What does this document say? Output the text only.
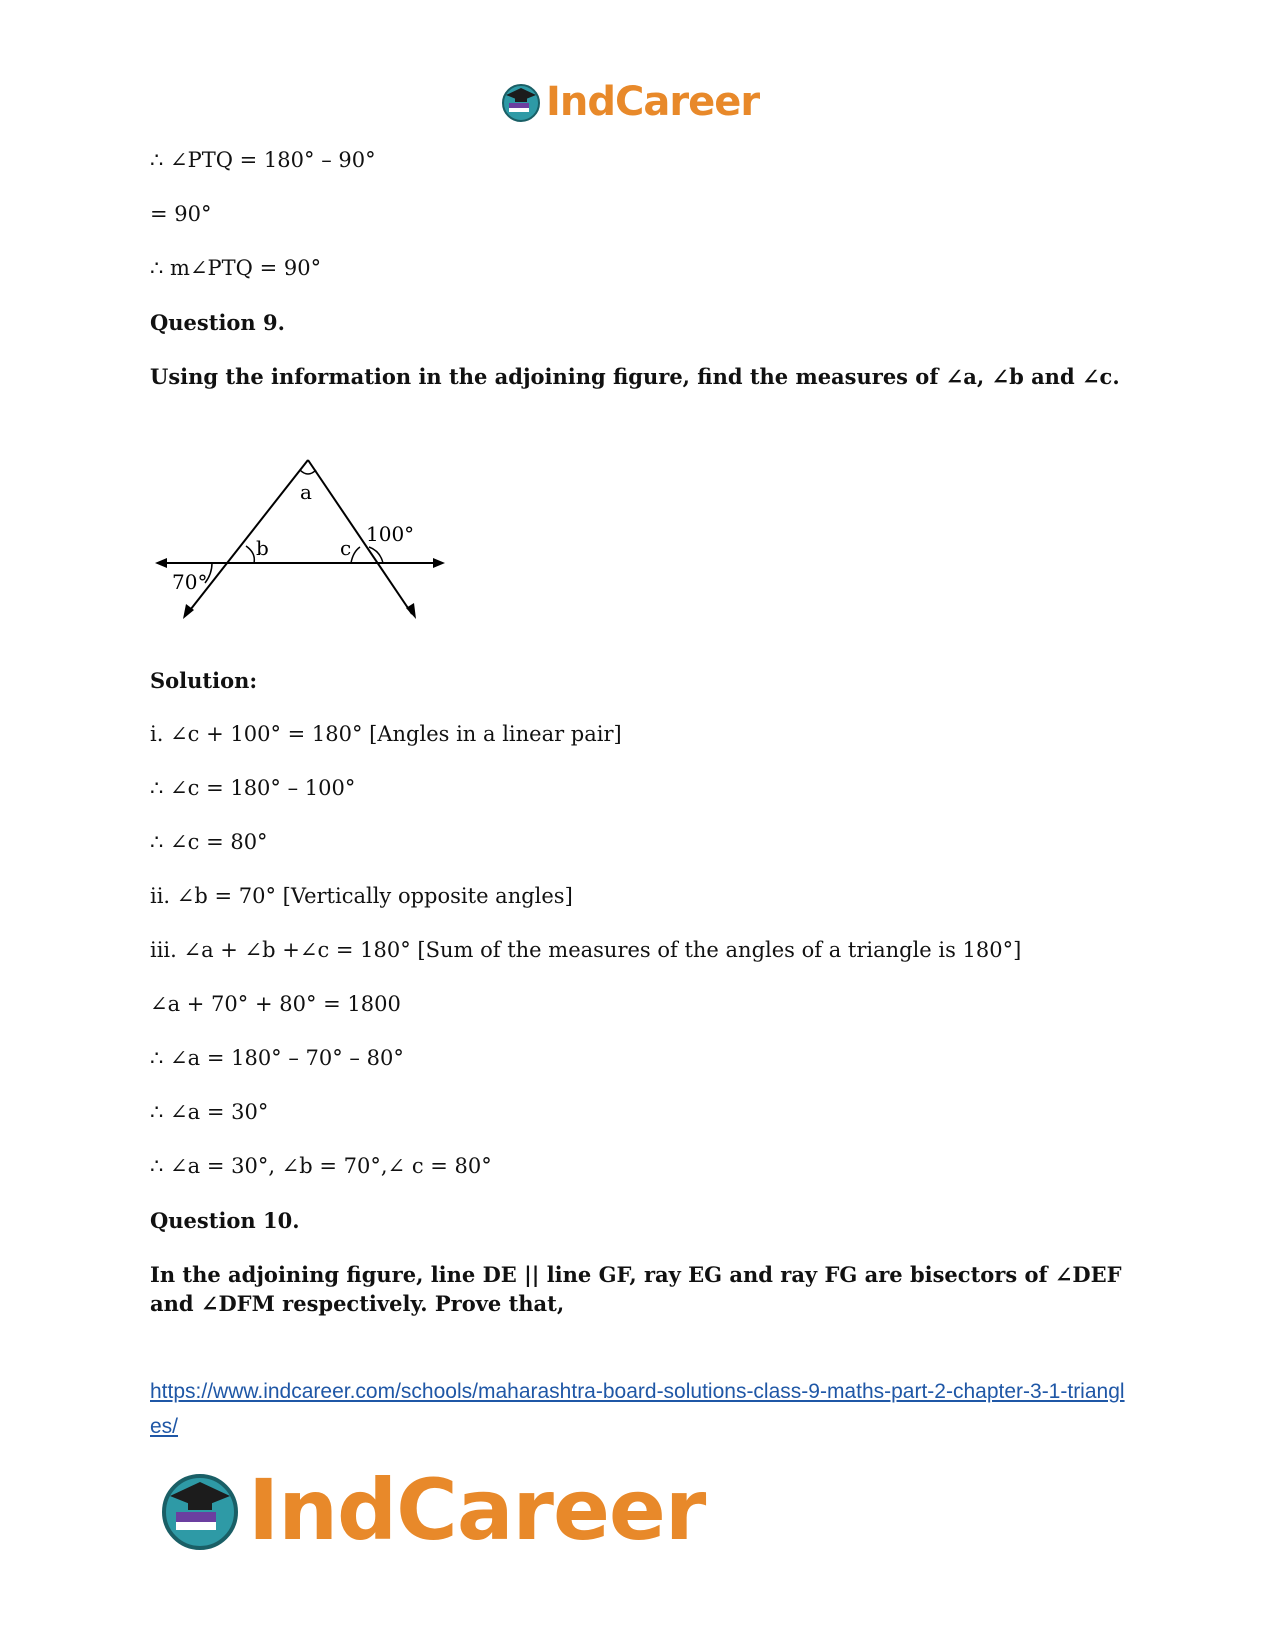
IndCareer
∴ ∠PTQ = 180° – 90°
= 90°
∴ m∠PTQ = 90°
Question 9.
Using the information in the adjoining figure, find the measures of ∠a, ∠b and ∠c.
a
b	c
100°
70°
Solution:
i. ∠c + 100° = 180° [Angles in a linear pair]
∴ ∠c = 180° – 100°
∴ ∠c = 80°
ii. ∠b = 70° [Vertically opposite angles]
iii. ∠a + ∠b +∠c = 180° [Sum of the measures of the angles of a triangle is 180°]
∠a + 70° + 80° = 1800
∴ ∠a = 180° – 70° – 80°
∴ ∠a = 30°
∴ ∠a = 30°, ∠b = 70°,∠ c = 80°
Question 10.
In the adjoining figure, line DE || line GF, ray EG and ray FG are bisectors of ∠DEF and ∠DFM respectively. Prove that,
https://www.indcareer.com/schools/maharashtra-board-solutions-class-9-maths-part-2-chapter-3-1-triangles/
IndCareer
